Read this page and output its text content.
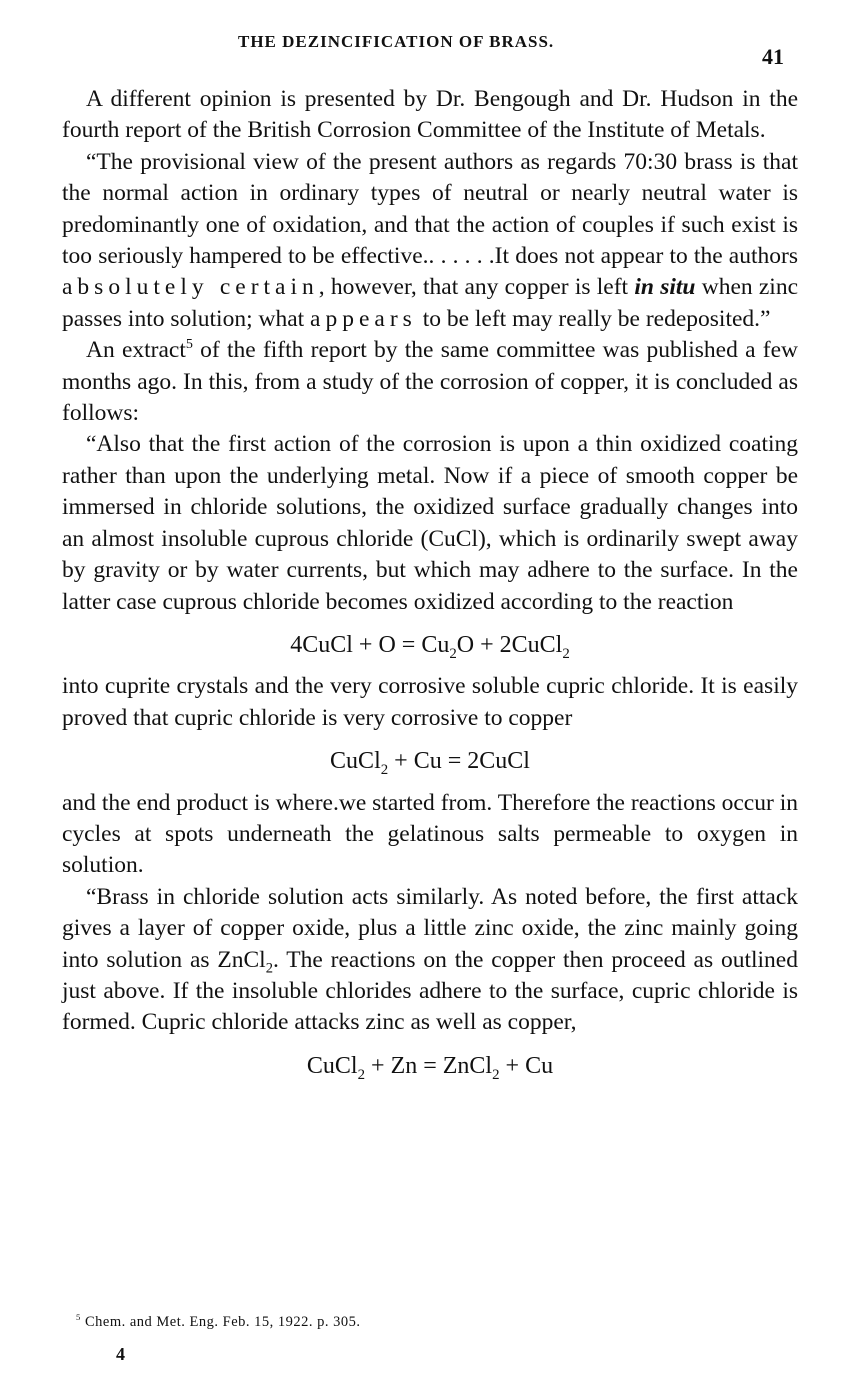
THE DEZINCIFICATION OF BRASS.
41

A different opinion is presented by Dr. Bengough and Dr. Hudson in the fourth report of the British Corrosion Committee of the Institute of Metals.

“The provisional view of the present authors as regards 70:30 brass is that the normal action in ordinary types of neutral or nearly neutral water is predominantly one of oxidation, and that the action of couples if such exist is too seriously hampered to be effective.. . . . . .It does not appear to the authors absolutely certain, however, that any copper is left in situ when zinc passes into solution; what appears to be left may really be redeposited.”

An extract$^5$ of the fifth report by the same committee was published a few months ago. In this, from a study of the corrosion of copper, it is concluded as follows:

“Also that the first action of the corrosion is upon a thin oxidized coating rather than upon the underlying metal. Now if a piece of smooth copper be immersed in chloride solutions, the oxidized surface gradually changes into an almost insoluble cuprous chloride (CuCl), which is ordinarily swept away by gravity or by water currents, but which may adhere to the surface. In the latter case cuprous chloride becomes oxidized according to the reaction

4CuCl + $O = Cu_2O$ + 2CuCl$_2$

into cuprite crystals and the very corrosive soluble cupric chloride. It is easily proved that cupric chloride is very corrosive to copper

CuCl$_2$ + Cu = 2CuCl

and the end product is where.we started from. Therefore the reactions occur in cycles at spots underneath the gelatinous salts permeable to oxygen in solution.

“Brass in chloride solution acts similarly. As noted before, the first attack gives a layer of copper oxide, plus a little zinc oxide, the zinc mainly going into solution as ZnCl$_2$. The reactions on the copper then proceed as outlined just above. If the insoluble chlorides adhere to the surface, cupric chloride is formed. Cupric chloride attacks zinc as well as copper,

CuCl$_2$ + Zn = ZnCl$_2$ + Cu
$^5$ Chem. and Met. Eng. Feb. 15, 1922. p. 305.
4
